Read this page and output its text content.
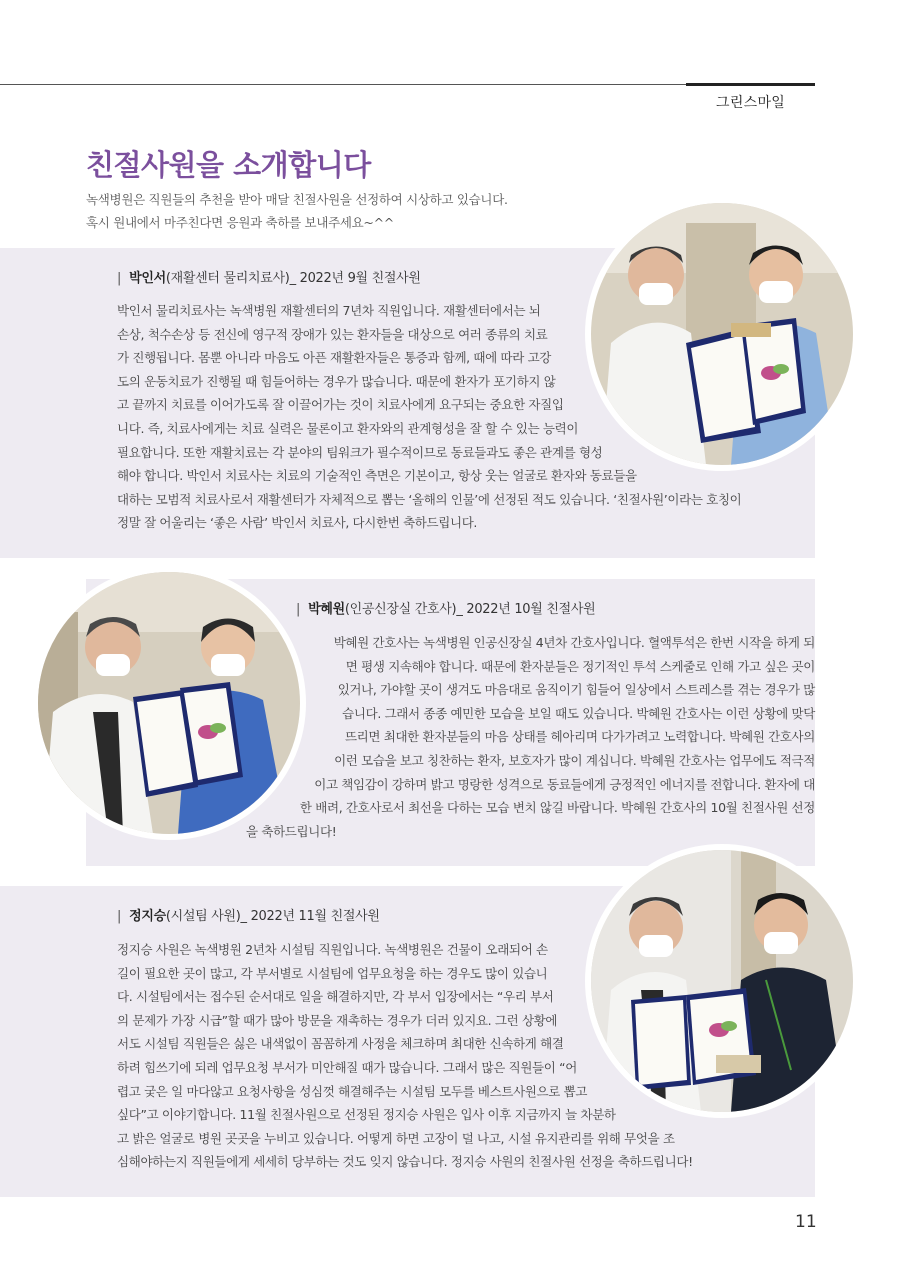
그린스마일
친절사원을 소개합니다
녹색병원은 직원들의 추천을 받아 매달 친절사원을 선정하여 시상하고 있습니다.
혹시 원내에서 마주친다면 응원과 축하를 보내주세요~^^
| 박인서(재활센터 물리치료사)_ 2022년 9월 친절사원
박인서 물리치료사는 녹색병원 재활센터의 7년차 직원입니다. 재활센터에서는 뇌
손상, 척수손상 등 전신에 영구적 장애가 있는 환자들을 대상으로 여러 종류의 치료
가 진행됩니다. 몸뿐 아니라 마음도 아픈 재활환자들은 통증과 함께, 때에 따라 고강
도의 운동치료가 진행될 때 힘들어하는 경우가 많습니다. 때문에 환자가 포기하지 않
고 끝까지 치료를 이어가도록 잘 이끌어가는 것이 치료사에게 요구되는 중요한 자질입
니다. 즉, 치료사에게는 치료 실력은 물론이고 환자와의 관계형성을 잘 할 수 있는 능력이
필요합니다. 또한 재활치료는 각 분야의 팀워크가 필수적이므로 동료들과도 좋은 관계를 형성
해야 합니다. 박인서 치료사는 치료의 기술적인 측면은 기본이고, 항상 웃는 얼굴로 환자와 동료들을
대하는 모범적 치료사로서 재활센터가 자체적으로 뽑는 ‘올해의 인물’에 선정된 적도 있습니다. ‘친절사원’이라는 호칭이
정말 잘 어울리는 ‘좋은 사람’ 박인서 치료사, 다시한번 축하드립니다.
| 박혜원(인공신장실 간호사)_ 2022년 10월 친절사원
박혜원 간호사는 녹색병원 인공신장실 4년차 간호사입니다. 혈액투석은 한번 시작을 하게 되
면 평생 지속해야 합니다. 때문에 환자분들은 정기적인 투석 스케줄로 인해 가고 싶은 곳이
있거나, 가야할 곳이 생겨도 마음대로 움직이기 힘들어 일상에서 스트레스를 겪는 경우가 많
습니다. 그래서 종종 예민한 모습을 보일 때도 있습니다. 박혜원 간호사는 이런 상황에 맞닥
뜨리면 최대한 환자분들의 마음 상태를 헤아리며 다가가려고 노력합니다. 박혜원 간호사의
이런 모습을 보고 칭찬하는 환자, 보호자가 많이 계십니다. 박혜원 간호사는 업무에도 적극적
이고 책임감이 강하며 밝고 명랑한 성격으로 동료들에게 긍정적인 에너지를 전합니다. 환자에 대
한 배려, 간호사로서 최선을 다하는 모습 변치 않길 바랍니다. 박혜원 간호사의 10월 친절사원 선정
을 축하드립니다!
| 정지승(시설팀 사원)_ 2022년 11월 친절사원
정지승 사원은 녹색병원 2년차 시설팀 직원입니다. 녹색병원은 건물이 오래되어 손
길이 필요한 곳이 많고, 각 부서별로 시설팀에 업무요청을 하는 경우도 많이 있습니
다. 시설팀에서는 접수된 순서대로 일을 해결하지만, 각 부서 입장에서는 “우리 부서
의 문제가 가장 시급”할 때가 많아 방문을 재촉하는 경우가 더러 있지요. 그런 상황에
서도 시설팀 직원들은 싫은 내색없이 꼼꼼하게 사정을 체크하며 최대한 신속하게 해결
하려 힘쓰기에 되레 업무요청 부서가 미안해질 때가 많습니다. 그래서 많은 직원들이 “어
렵고 궂은 일 마다않고 요청사항을 성심껏 해결해주는 시설팀 모두를 베스트사원으로 뽑고
싶다”고 이야기합니다. 11월 친절사원으로 선정된 정지승 사원은 입사 이후 지금까지 늘 차분하
고 밝은 얼굴로 병원 곳곳을 누비고 있습니다. 어떻게 하면 고장이 덜 나고, 시설 유지관리를 위해 무엇을 조
심해야하는지 직원들에게 세세히 당부하는 것도 잊지 않습니다. 정지승 사원의 친절사원 선정을 축하드립니다!
11
